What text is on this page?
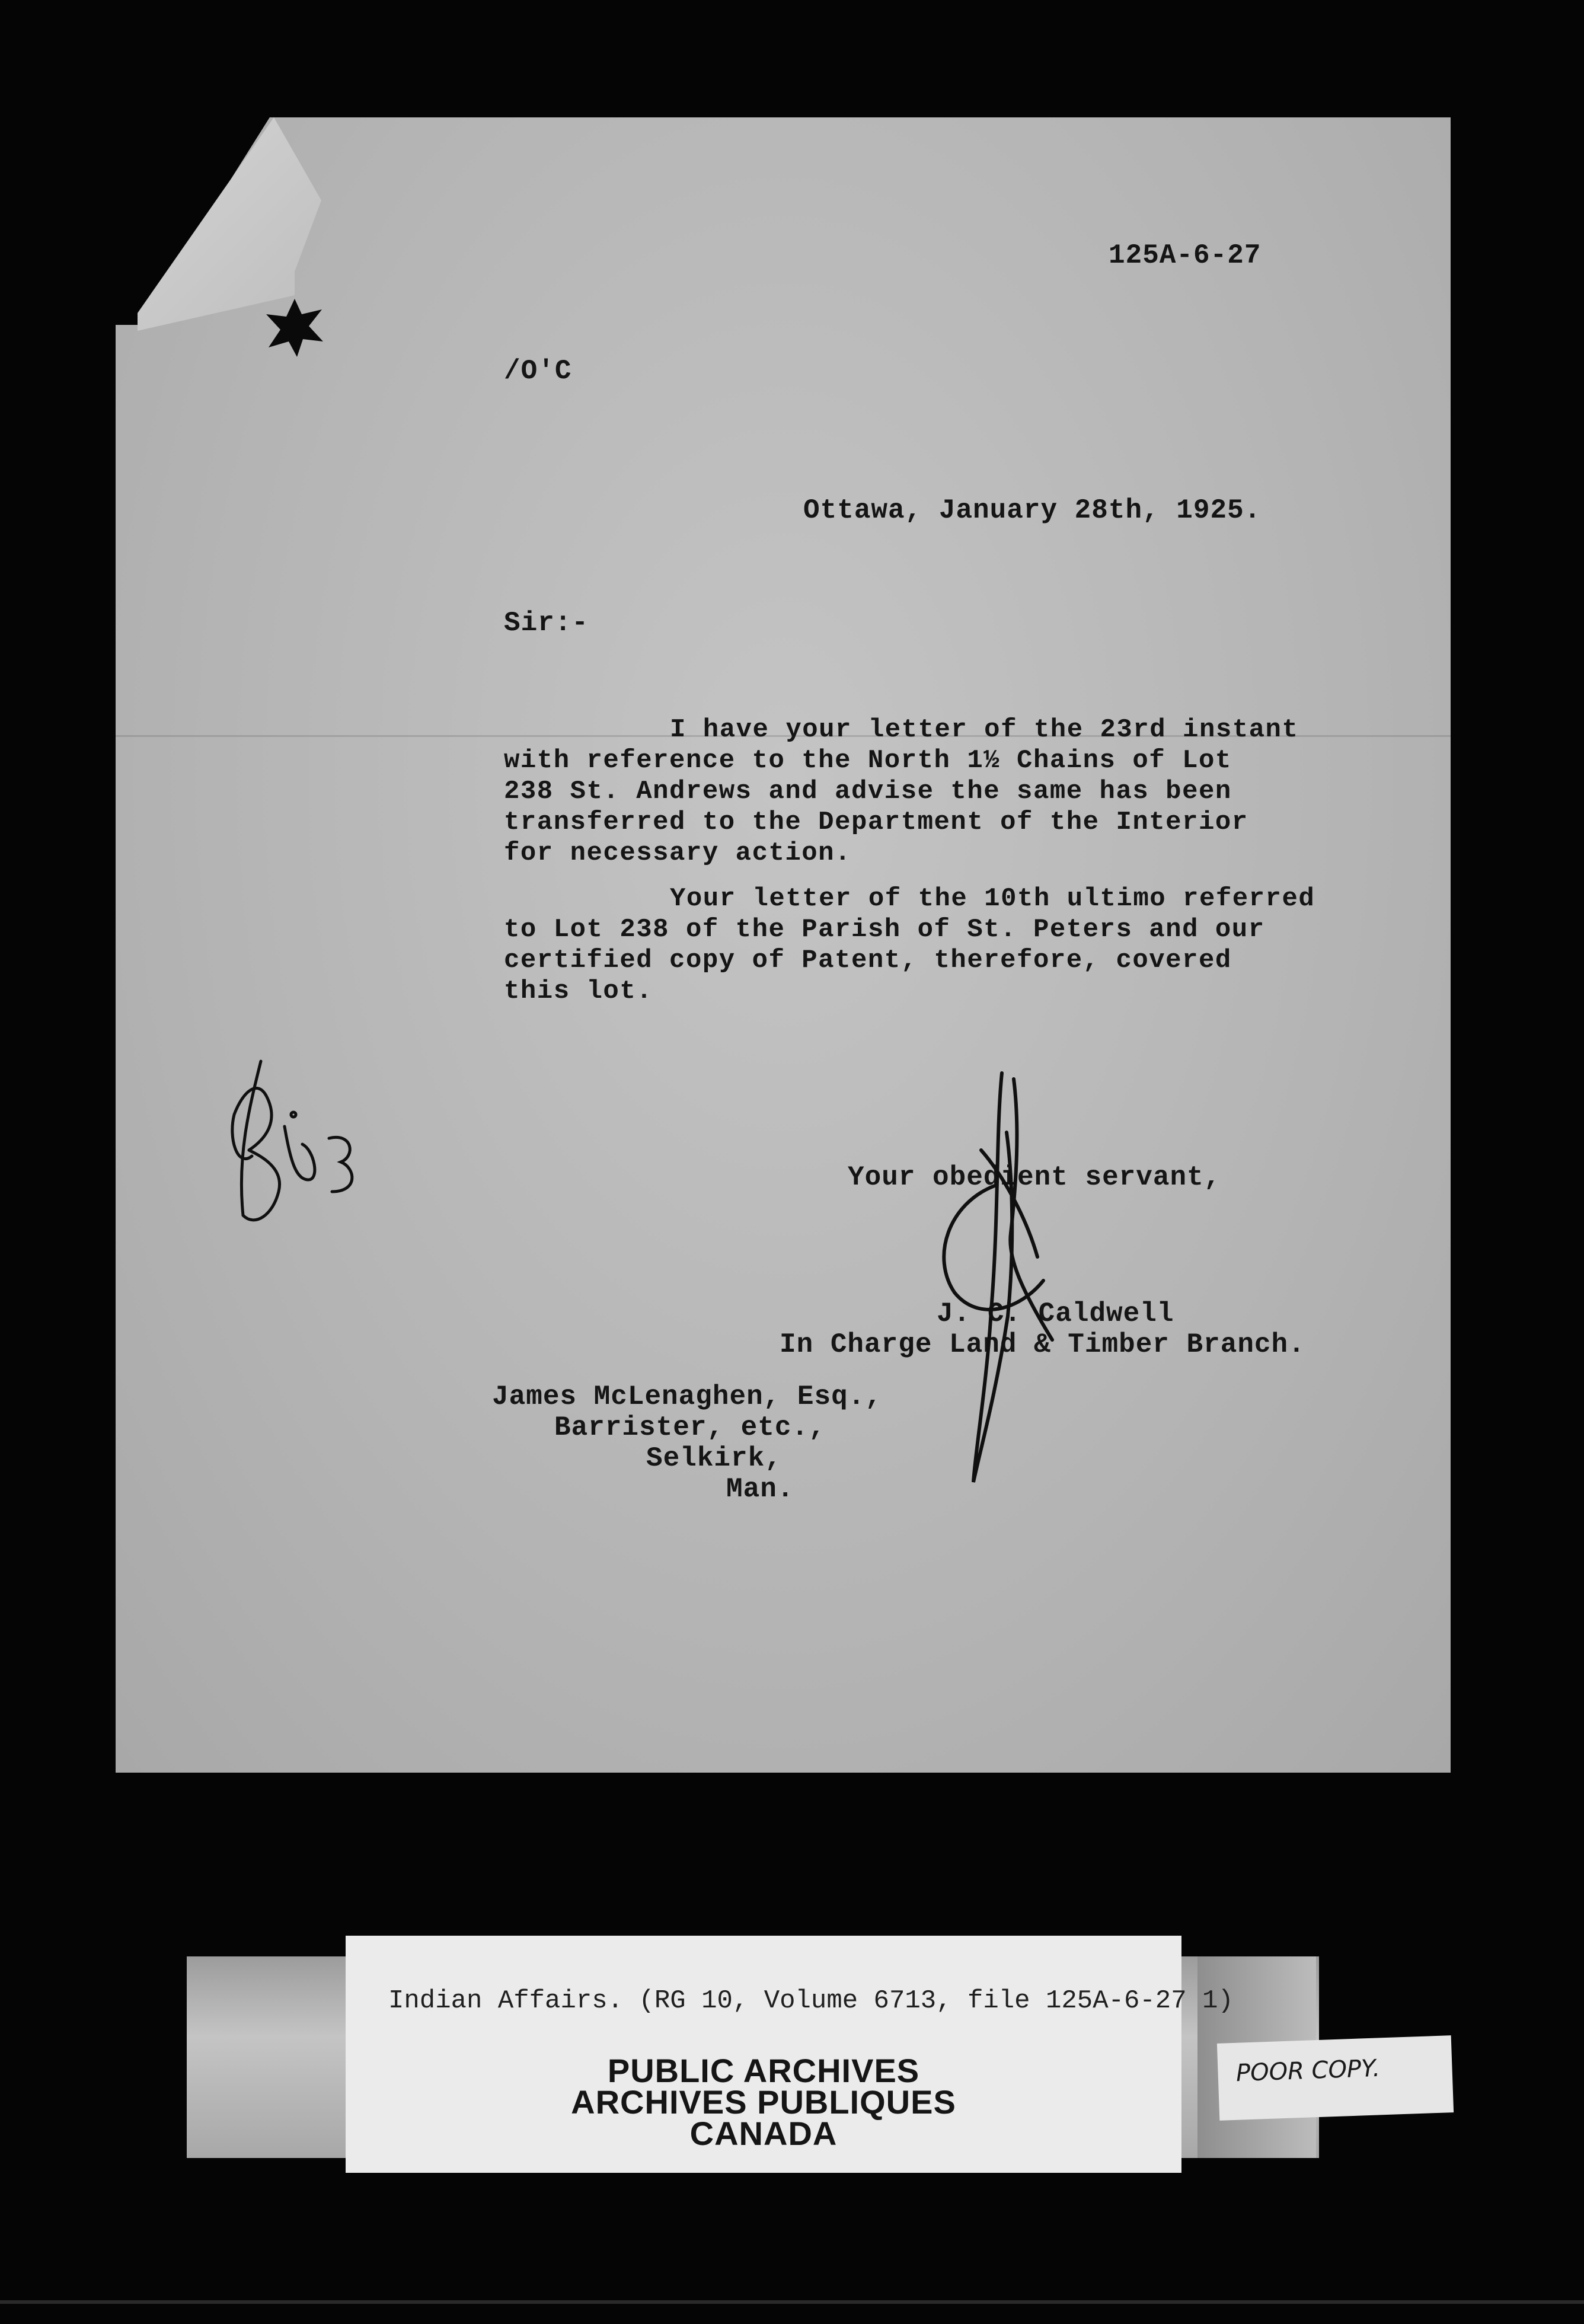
125A-6-27
/O'C
Ottawa, January 28th, 1925.
Sir:-
I have your letter of the 23rd instant
with reference to the North 1½ Chains of Lot
238 St. Andrews and advise the same has been
transferred to the Department of the Interior
for necessary action.
Your letter of the 10th ultimo referred
to Lot 238 of the Parish of St. Peters and our
certified copy of Patent, therefore, covered
this lot.
Your obedient servant,
J. C. Caldwell
In Charge Land & Timber Branch.
James McLenaghen, Esq.,
Barrister, etc.,
Selkirk,
Man.
Indian Affairs. (RG 10, Volume 6713, file 125A-6-27 1)
PUBLIC ARCHIVES
ARCHIVES PUBLIQUES
CANADA
POOR COPY.
